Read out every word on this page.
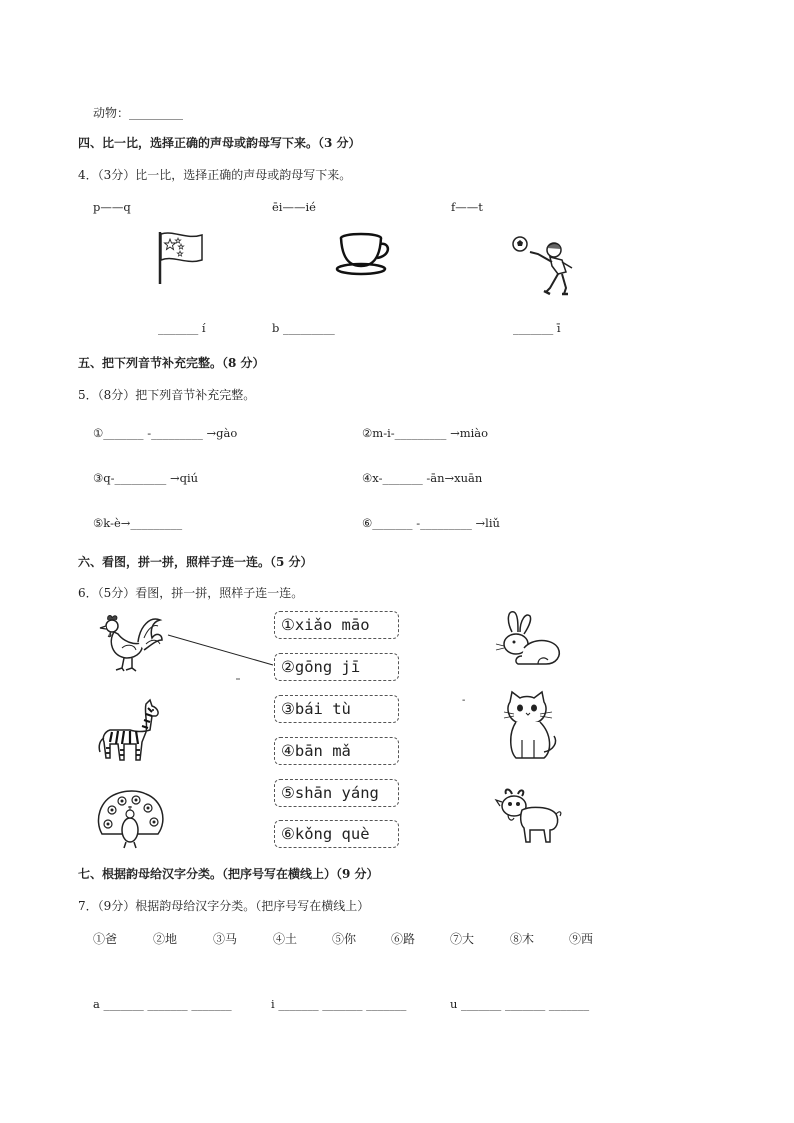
动物：_________
四、比一比，选择正确的声母或韵母写下来。（3 分）
4．（3分）比一比，选择正确的声母或韵母写下来。
p——q	ēi——ié	f——t
_______ í	b _________	_______ ī
五、把下列音节补充完整。（8 分）
5．（8分）把下列音节补充完整。
①_______ -_________ →gào	②m-i-_________ →miào
③q-_________ →qiú	④x-_______ -ān→xuān
⑤k-è→_________	⑥_______ -_________ →liǔ
六、看图，拼一拼，照样子连一连。（5 分）
6．（5分）看图，拼一拼，照样子连一连。
①xiǎo māo
②gōng jī
③bái tù
④bān mǎ
⑤shān yáng
⑥kǒng què
-
七、根据韵母给汉字分类。（把序号写在横线上）（9 分）
7．（9分）根据韵母给汉字分类。（把序号写在横线上）
①爸	②地	③马	④土	⑤你	⑥路	⑦大	⑧木	⑨西
a _______ _______ _______	i _______ _______ _______	u _______ _______ _______
